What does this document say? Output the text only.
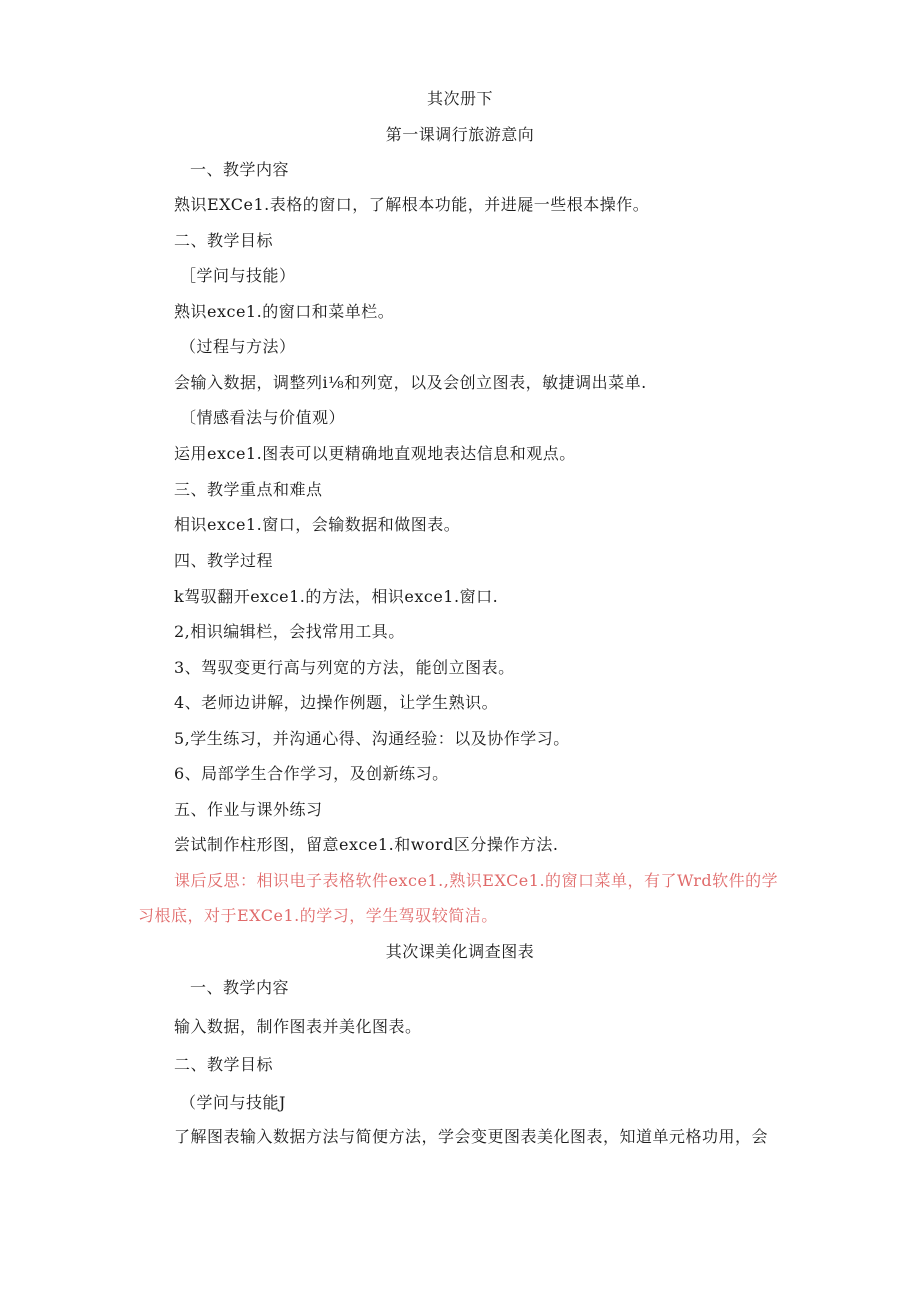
其次册下
第一课调行旅游意向
一、教学内容
熟识EXCe1.表格的窗口，了解根本功能，并进屣一些根本操作。
二、教学目标
［学问与技能）
熟识exce1.的窗口和菜单栏。
（过程与方法）
会输入数据，调整列i⅛和列宽，以及会创立图表，敏捷调出菜单.
〔情感看法与价值观）
运用exce1.图表可以更精确地直观地表达信息和观点。
三、教学重点和难点
相识exce1.窗口，会输数据和做图表。
四、教学过程
k驾驭翻开exce1.的方法，相识exce1.窗口.
2,相识编辑栏，会找常用工具。
3、驾驭变更行高与列宽的方法，能创立图表。
4、老师边讲解，边操作例题，让学生熟识。
5,学生练习，并沟通心得、沟通经验：以及协作学习。
6、局部学生合作学习，及创新练习。
五、作业与课外练习
尝试制作柱形图，留意exce1.和word区分操作方法.
课后反思：相识电子表格软件exce1.,熟识EXCe1.的窗口菜单，有了Wrd软件的学
习根底，对于EXCe1.的学习，学生驾驭较简洁。
其次课美化调查图表
一、教学内容
输入数据，制作图表并美化图表。
二、教学目标
（学问与技能J
了解图表输入数据方法与简便方法，学会变更图表美化图表，知道单元格功用，会
